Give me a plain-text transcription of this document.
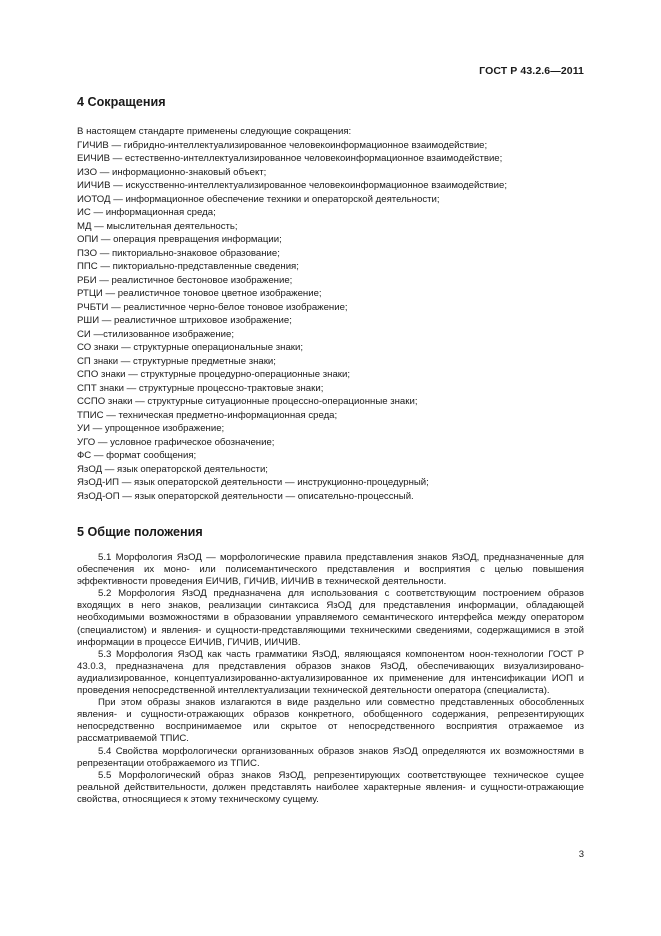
ГОСТ Р 43.2.6—2011
4 Сокращения
В настоящем стандарте применены следующие сокращения:
ГИЧИВ — гибридно-интеллектуализированное человекоинформационное взаимодействие;
ЕИЧИВ — естественно-интеллектуализированное человекоинформационное взаимодействие;
ИЗО — информационно-знаковый объект;
ИИЧИВ — искусственно-интеллектуализированное человекоинформационное взаимодействие;
ИОТОД — информационное обеспечение техники и операторской деятельности;
ИС — информационная среда;
МД — мыслительная деятельность;
ОПИ — операция превращения информации;
ПЗО — пикториально-знаковое образование;
ППС — пикториально-представленные сведения;
РБИ — реалистичное бестоновое изображение;
РТЦИ — реалистичное тоновое цветное изображение;
РЧБТИ — реалистичное черно-белое тоновое изображение;
РШИ — реалистичное штриховое изображение;
СИ —стилизованное изображение;
СО знаки — структурные операциональные знаки;
СП знаки — структурные предметные знаки;
СПО знаки — структурные процедурно-операционные знаки;
СПТ знаки — структурные процессно-трактовые знаки;
ССПО знаки — структурные ситуационные процессно-операционные знаки;
ТПИС — техническая предметно-информационная среда;
УИ — упрощенное изображение;
УГО — условное графическое обозначение;
ФС — формат сообщения;
ЯзОД — язык операторской деятельности;
ЯзОД-ИП — язык операторской деятельности — инструкционно-процедурный;
ЯзОД-ОП — язык операторской деятельности — описательно-процессный.
5 Общие положения

5.1 Морфология ЯзОД — морфологические правила представления знаков ЯзОД, предназначенные для обеспечения их моно- или полисемантического представления и восприятия с целью повышения эффективности проведения ЕИЧИВ, ГИЧИВ, ИИЧИВ в технической деятельности.

5.2 Морфология ЯзОД предназначена для использования с соответствующим построением образов входящих в него знаков, реализации синтаксиса ЯзОД для представления информации, обладающей необходимыми возможностями в образовании управляемого семантического интерфейса между оператором (специалистом) и явления- и сущности-представляющими техническими сведениями, содержащимися в этой информации в процессе ЕИЧИВ, ГИЧИВ, ИИЧИВ.

5.3 Морфология ЯзОД как часть грамматики ЯзОД, являющаяся компонентом ноон-технологии ГОСТ Р 43.0.3, предназначена для представления образов знаков ЯзОД, обеспечивающих визуализировано-аудиализированное, концептуализированно-актуализированное их применение для интенсификации ИОП и проведения непосредственной интеллектуализации технической деятельности оператора (специалиста).

При этом образы знаков излагаются в виде раздельно или совместно представленных обособленных явления- и сущности-отражающих образов конкретного, обобщенного содержания, репрезентирующих непосредственно воспринимаемое или скрытое от непосредственного восприятия отражаемое из рассматриваемой ТПИС.

5.4 Свойства морфологически организованных образов знаков ЯзОД определяются их возможностями в репрезентации отображаемого из ТПИС.

5.5 Морфологический образ знаков ЯзОД, репрезентирующих соответствующее техническое сущее реальной действительности, должен представлять наиболее характерные явления- и сущности-отражающие свойства, относящиеся к этому техническому сущему.

3
